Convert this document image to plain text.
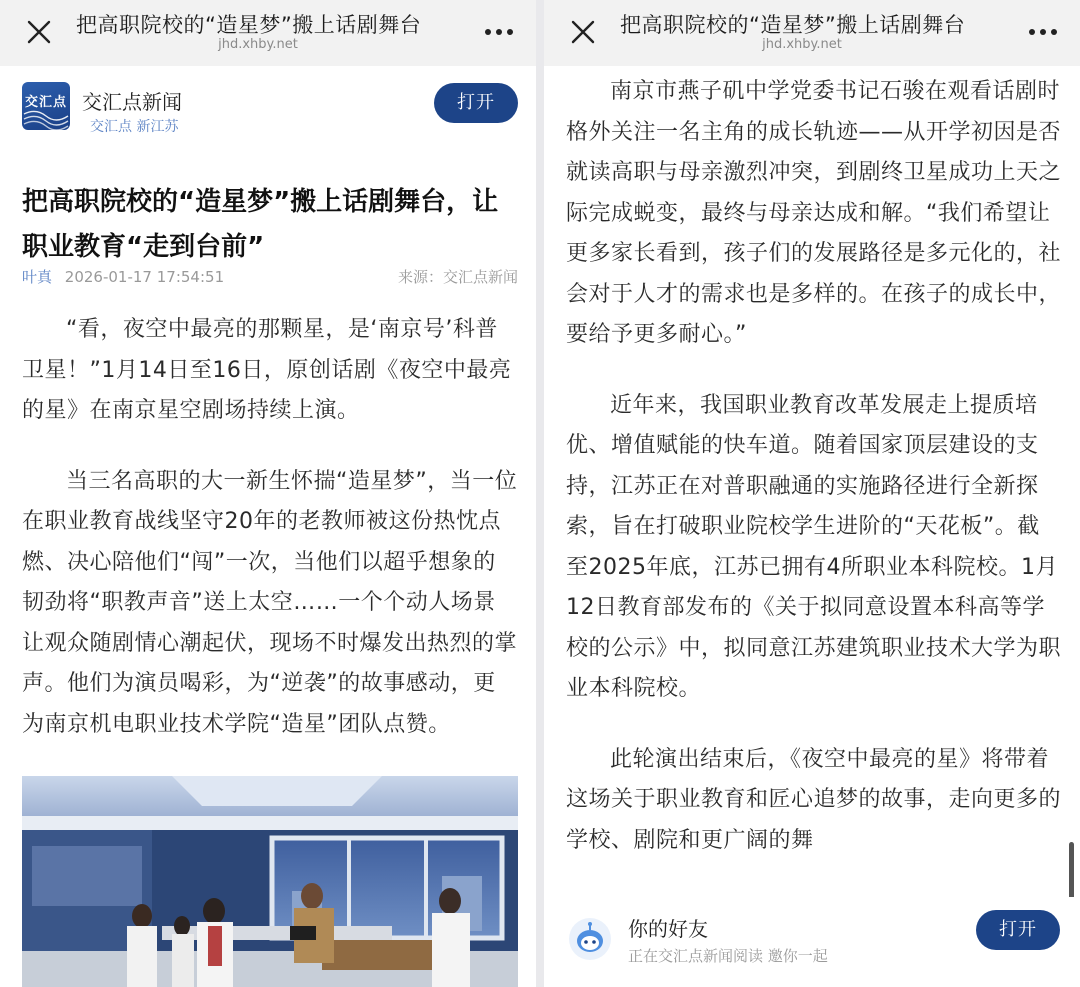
把高职院校的“造星梦”搬上话剧舞台
jhd.xhby.net
交汇点 交汇点新闻
交汇点 新江苏
打开
把高职院校的“造星梦”搬上话剧舞台，让职业教育“走到台前”
叶真 2026-01-17 17:54:51	来源：交汇点新闻

“看，夜空中最亮的那颗星，是‘南京号’科普卫星！”1月14日至16日，原创话剧《夜空中最亮的星》在南京星空剧场持续上演。

当三名高职的大一新生怀揣“造星梦”，当一位在职业教育战线坚守20年的老教师被这份热忱点燃、决心陪他们“闯”一次，当他们以超乎想象的韧劲将“职教声音”送上太空……一个个动人场景让观众随剧情心潮起伏，现场不时爆发出热烈的掌声。他们为演员喝彩，为“逆袭”的故事感动，更为南京机电职业技术学院“造星”团队点赞。

把高职院校的“造星梦”搬上话剧舞台
jhd.xhby.net

南京市燕子矶中学党委书记石骏在观看话剧时格外关注一名主角的成长轨迹——从开学初因是否就读高职与母亲激烈冲突，到剧终卫星成功上天之际完成蜕变，最终与母亲达成和解。“我们希望让更多家长看到，孩子们的发展路径是多元化的，社会对于人才的需求也是多样的。在孩子的成长中，要给予更多耐心。”

近年来，我国职业教育改革发展走上提质培优、增值赋能的快车道。随着国家顶层建设的支持，江苏正在对普职融通的实施路径进行全新探索，旨在打破职业院校学生进阶的“天花板”。截至2025年底，江苏已拥有4所职业本科院校。1月12日教育部发布的《关于拟同意设置本科高等学校的公示》中，拟同意江苏建筑职业技术大学为职业本科院校。

此轮演出结束后，《夜空中最亮的星》将带着这场关于职业教育和匠心追梦的故事，走向更多的学校、剧院和更广阔的舞

你的好友
正在交汇点新闻阅读 邀你一起
打开
